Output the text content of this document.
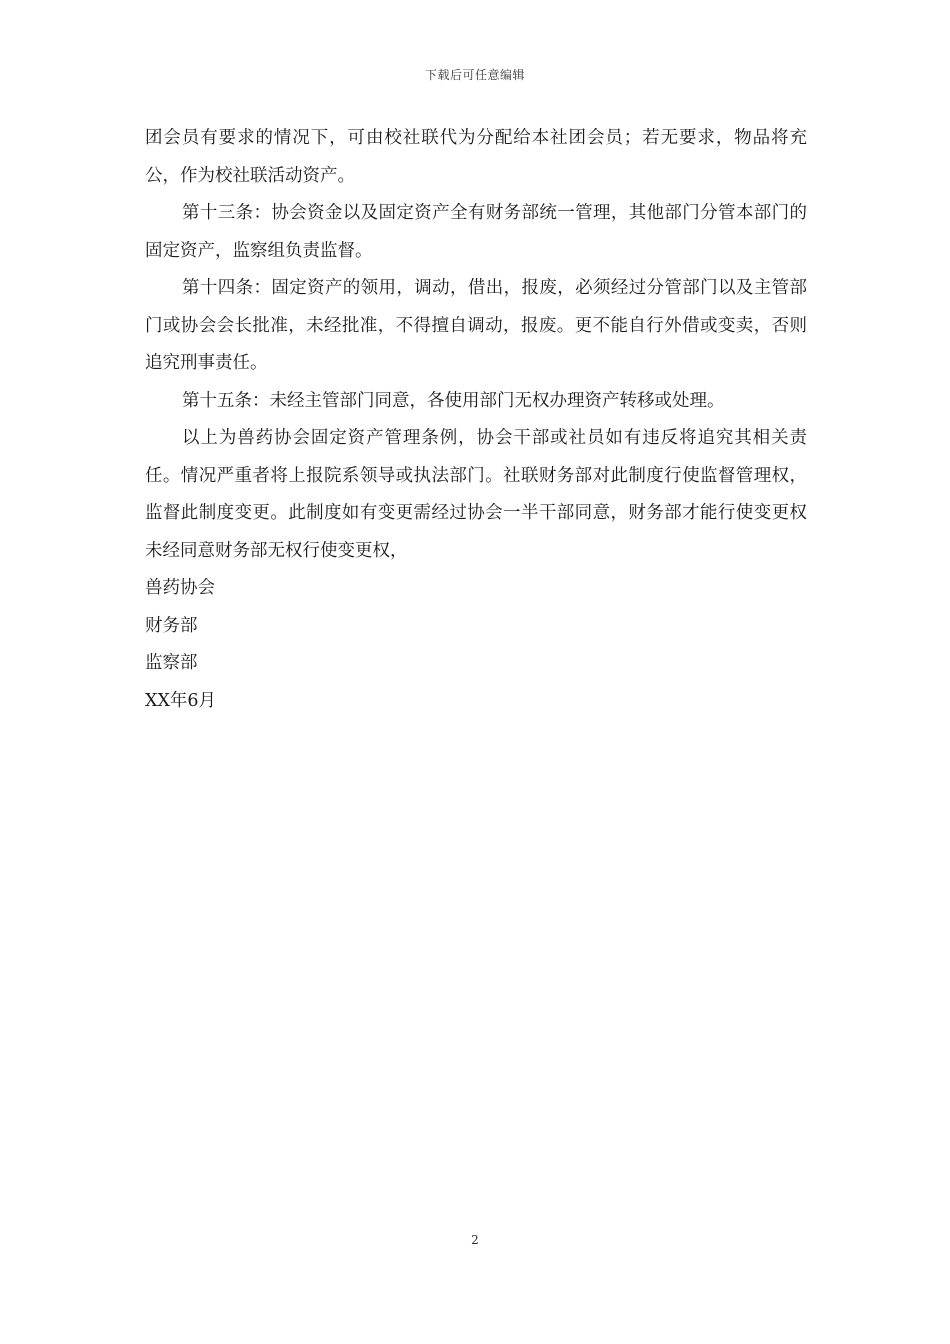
下载后可任意编辑

团会员有要求的情况下，可由校社联代为分配给本社团会员；若无要求，物品将充公，作为校社联活动资产。

第十三条：协会资金以及固定资产全有财务部统一管理，其他部门分管本部门的固定资产，监察组负责监督。

第十四条：固定资产的领用，调动，借出，报废，必须经过分管部门以及主管部门或协会会长批准，未经批准，不得擅自调动，报废。更不能自行外借或变卖，否则追究刑事责任。

第十五条：未经主管部门同意，各使用部门无权办理资产转移或处理。

以上为兽药协会固定资产管理条例，协会干部或社员如有违反将追究其相关责任。情况严重者将上报院系领导或执法部门。社联财务部对此制度行使监督管理权，监督此制度变更。此制度如有变更需经过协会一半干部同意，财务部才能行使变更权未经同意财务部无权行使变更权，

兽药协会

财务部

监察部

XX年6月

2
